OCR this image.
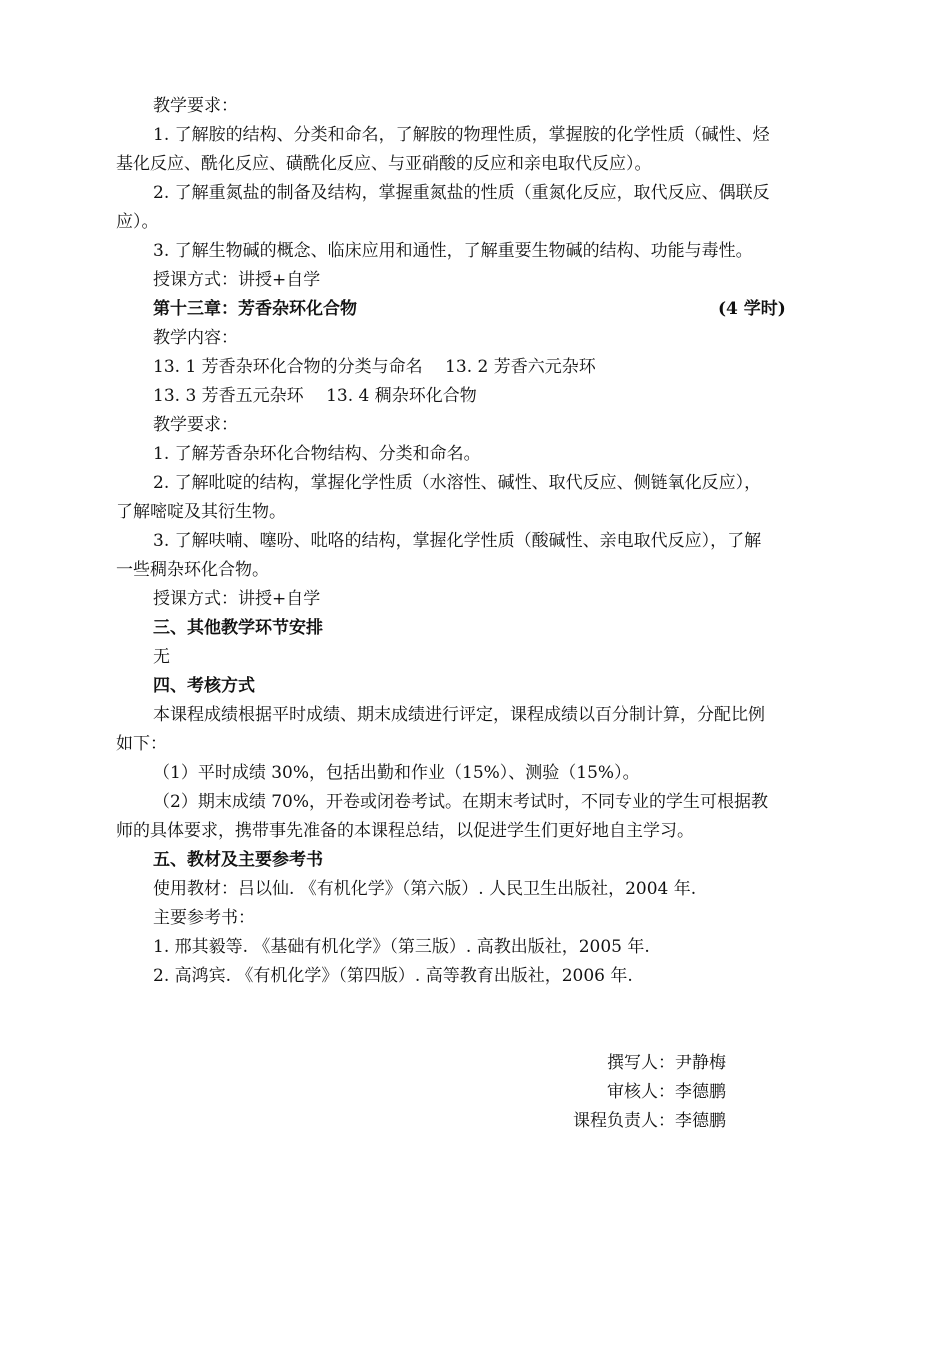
教学要求：
1. 了解胺的结构、分类和命名，了解胺的物理性质，掌握胺的化学性质（碱性、烃
基化反应、酰化反应、磺酰化反应、与亚硝酸的反应和亲电取代反应）。
2. 了解重氮盐的制备及结构，掌握重氮盐的性质（重氮化反应，取代反应、偶联反
应）。
3. 了解生物碱的概念、临床应用和通性，了解重要生物碱的结构、功能与毒性。
授课方式：讲授+自学
第十三章：芳香杂环化合物	(4 学时)
教学内容：
13. 1 芳香杂环化合物的分类与命名　 13. 2 芳香六元杂环
13. 3 芳香五元杂环　 13. 4 稠杂环化合物
教学要求：
1. 了解芳香杂环化合物结构、分类和命名。
2. 了解吡啶的结构，掌握化学性质（水溶性、碱性、取代反应、侧链氧化反应），
了解嘧啶及其衍生物。
3. 了解呋喃、噻吩、吡咯的结构，掌握化学性质（酸碱性、亲电取代反应），了解
一些稠杂环化合物。
授课方式：讲授+自学
三、其他教学环节安排
无
四、考核方式
本课程成绩根据平时成绩、期末成绩进行评定，课程成绩以百分制计算，分配比例
如下：
（1）平时成绩 30%，包括出勤和作业（15%）、测验（15%）。
（2）期末成绩 70%，开卷或闭卷考试。在期末考试时，不同专业的学生可根据教
师的具体要求，携带事先准备的本课程总结，以促进学生们更好地自主学习。
五、教材及主要参考书
使用教材：吕以仙. 《有机化学》（第六版）. 人民卫生出版社，2004 年.
主要参考书：
1. 邢其毅等. 《基础有机化学》（第三版）. 高教出版社，2005 年.
2. 高鸿宾. 《有机化学》（第四版）. 高等教育出版社，2006 年.
撰写人：尹静梅
审核人：李德鹏
课程负责人：李德鹏
